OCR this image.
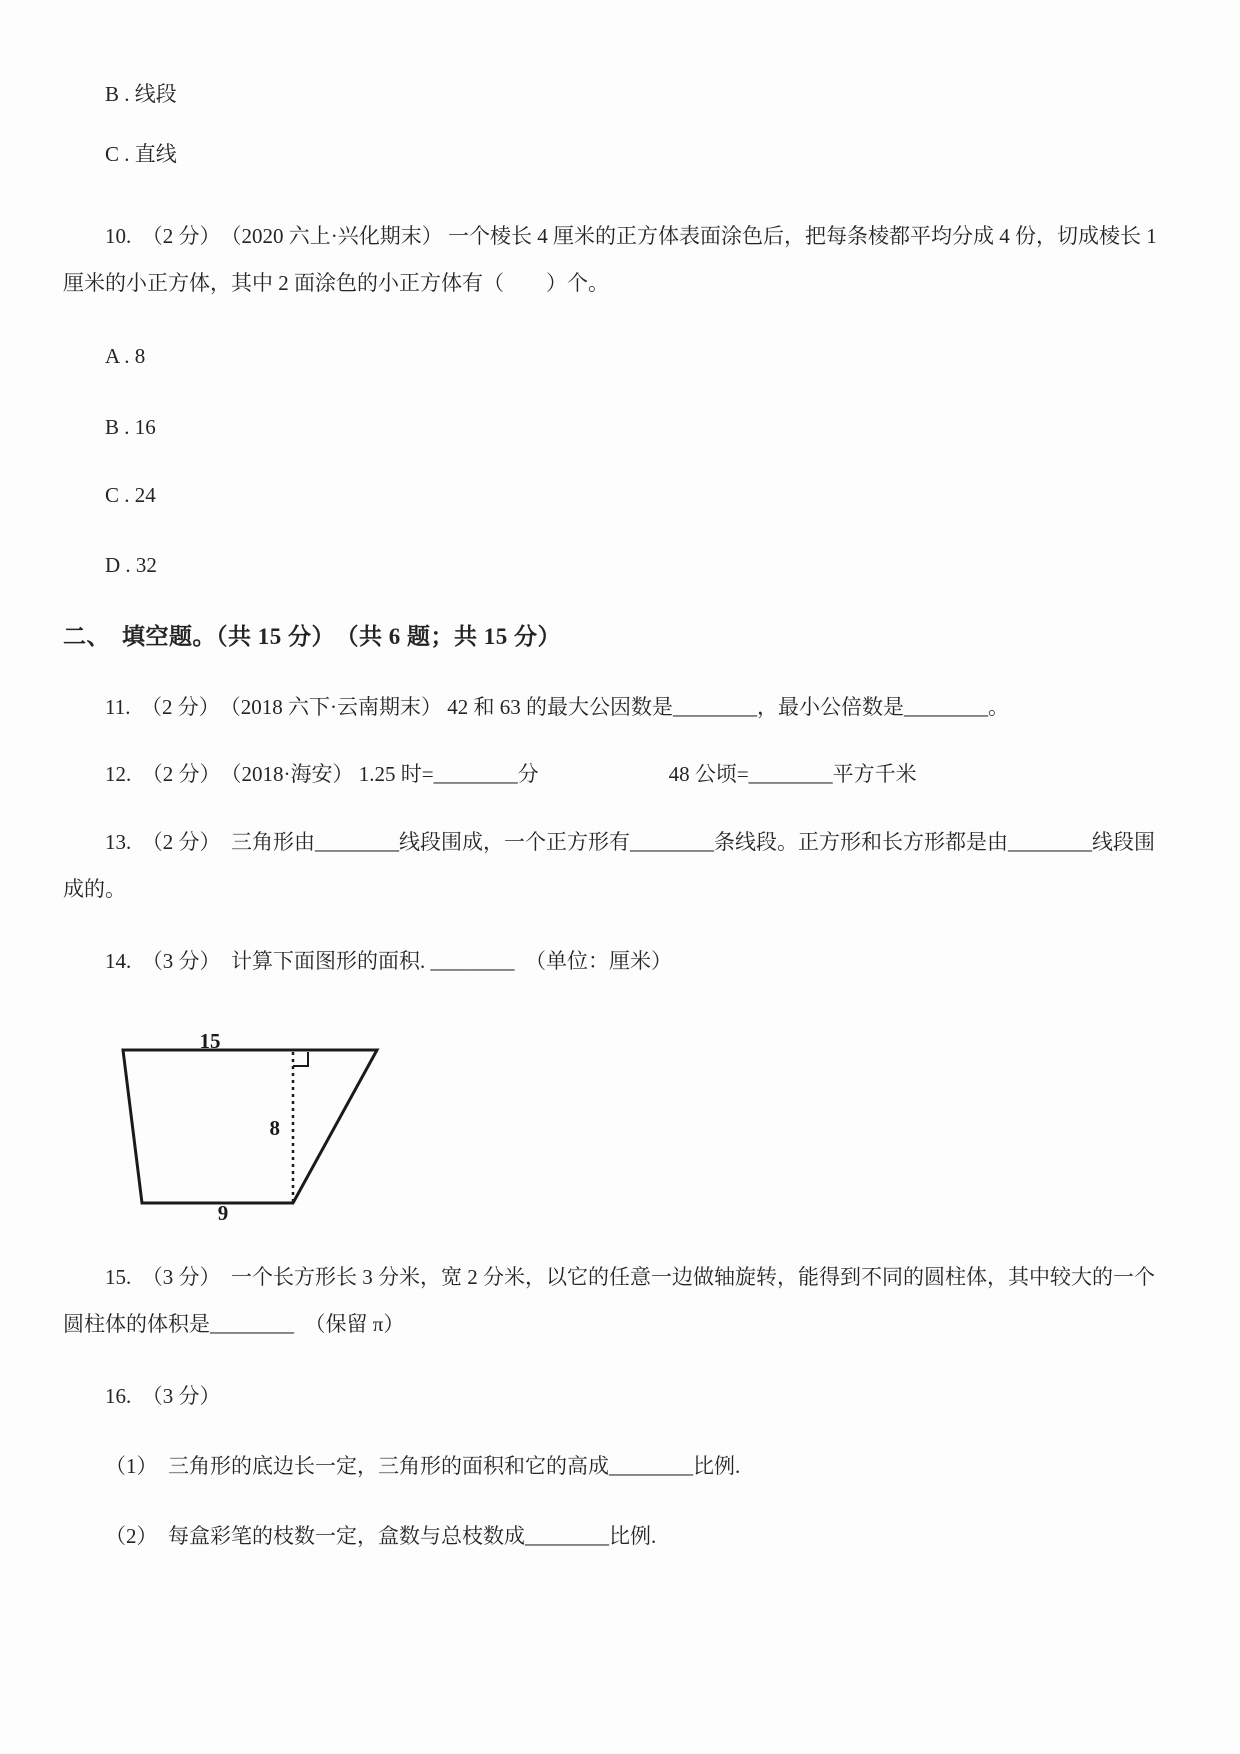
B . 线段

C . 直线

10.　（2 分）　（2020 六上·兴化期末） 一个棱长 4 厘米的正方体表面涂色后，把每条棱都平均分成 4 份，切成棱长 1 厘米的小正方体，其中 2 面涂色的小正方体有（　　）个。

A . 8

B . 16

C . 24

D . 32

二、　填空题。（共 15 分）　（共 6 题；共 15 分）

11.　（2 分）　（2018 六下·云南期末） 42 和 63 的最大公因数是________，最小公倍数是________。

12.　（2 分）　（2018·海安） 1.25 时=________分	48 公顷=________平方千米

13.　（2 分）　三角形由________线段围成，一个正方形有________条线段。正方形和长方形都是由________线段围成的。

14.　（3 分）　计算下面图形的面积. ________　（单位：厘米）

15
8
9

15.　（3 分）　一个长方形长 3 分米，宽 2 分米，以它的任意一边做轴旋转，能得到不同的圆柱体，其中较大的一个圆柱体的体积是________　（保留 π）

16.　（3 分）

（1）　三角形的底边长一定，三角形的面积和它的高成________比例.

（2）　每盒彩笔的枝数一定，盒数与总枝数成________比例.
